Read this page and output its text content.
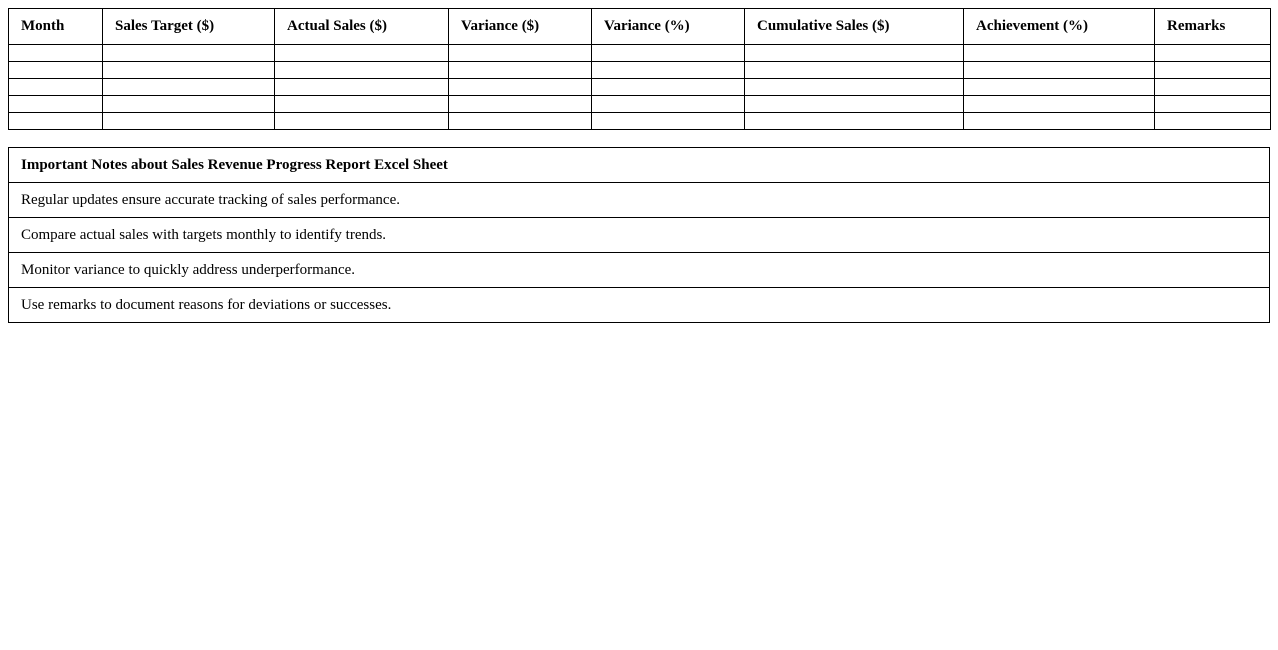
Month	Sales Target ($)	Actual Sales ($)	Variance ($)	Variance (%)	Cumulative Sales ($)	Achievement (%)	Remarks

Important Notes about Sales Revenue Progress Report Excel Sheet
Regular updates ensure accurate tracking of sales performance.
Compare actual sales with targets monthly to identify trends.
Monitor variance to quickly address underperformance.
Use remarks to document reasons for deviations or successes.
